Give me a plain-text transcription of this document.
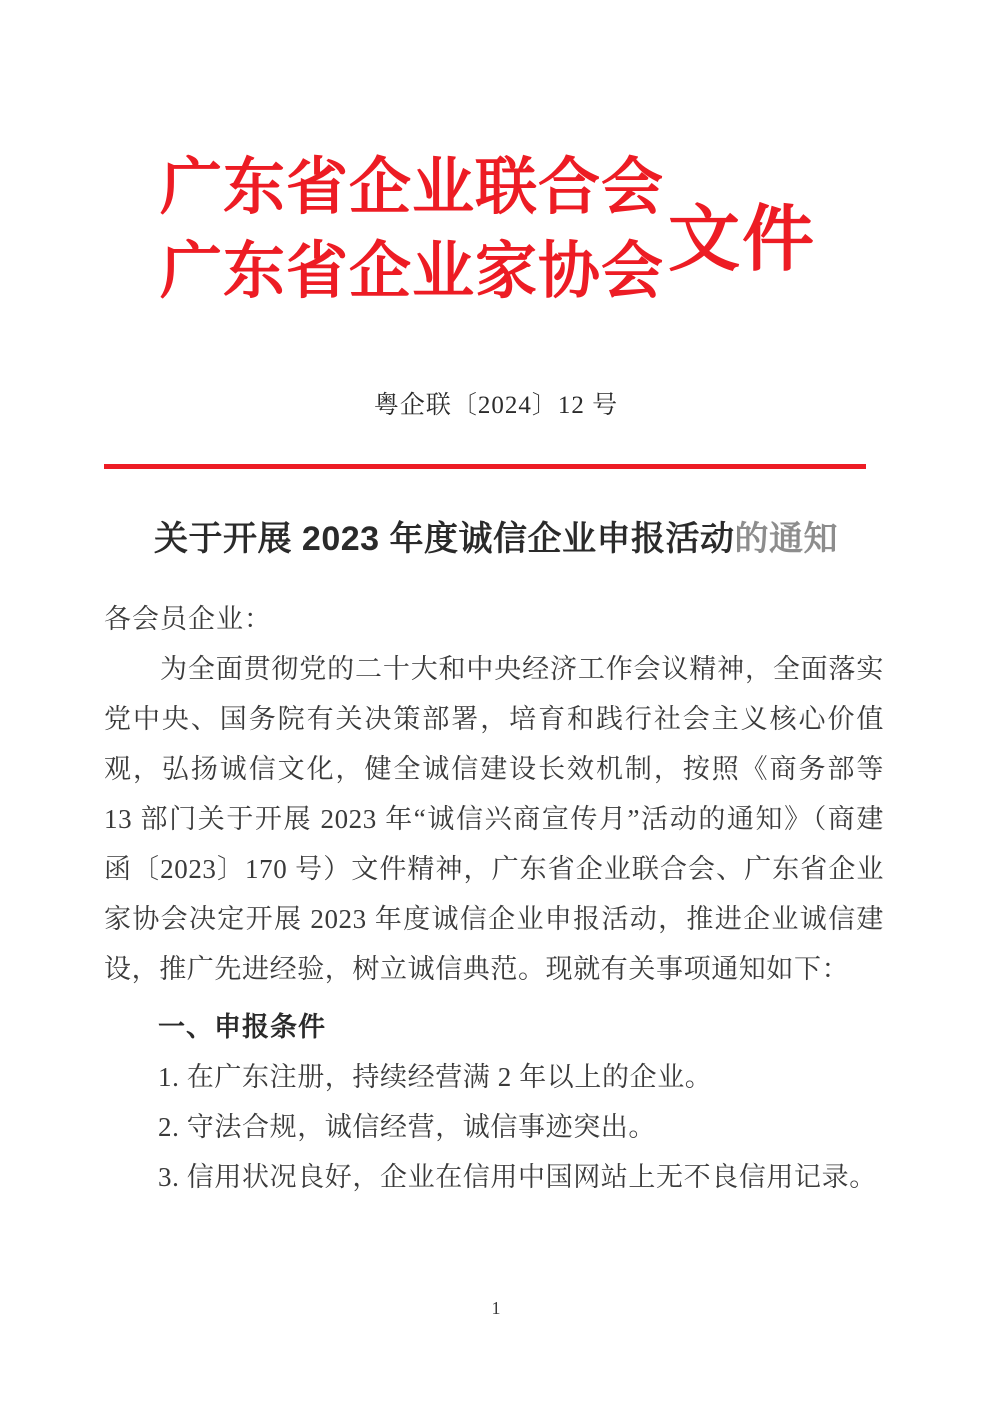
广东省企业联合会
广东省企业家协会 文件
粤企联〔2024〕12 号
关于开展 2023 年度诚信企业申报活动的通知
各会员企业：

为全面贯彻党的二十大和中央经济工作会议精神，全面落实党中央、国务院有关决策部署，培育和践行社会主义核心价值观，弘扬诚信文化，健全诚信建设长效机制，按照《商务部等 13 部门关于开展 2023 年“诚信兴商宣传月”活动的通知》（商建函〔2023〕170 号）文件精神，广东省企业联合会、广东省企业家协会决定开展 2023 年度诚信企业申报活动，推进企业诚信建设，推广先进经验，树立诚信典范。现就有关事项通知如下：

一、申报条件
1. 在广东注册，持续经营满 2 年以上的企业。
2. 守法合规，诚信经营，诚信事迹突出。
3. 信用状况良好，企业在信用中国网站上无不良信用记录。
1
